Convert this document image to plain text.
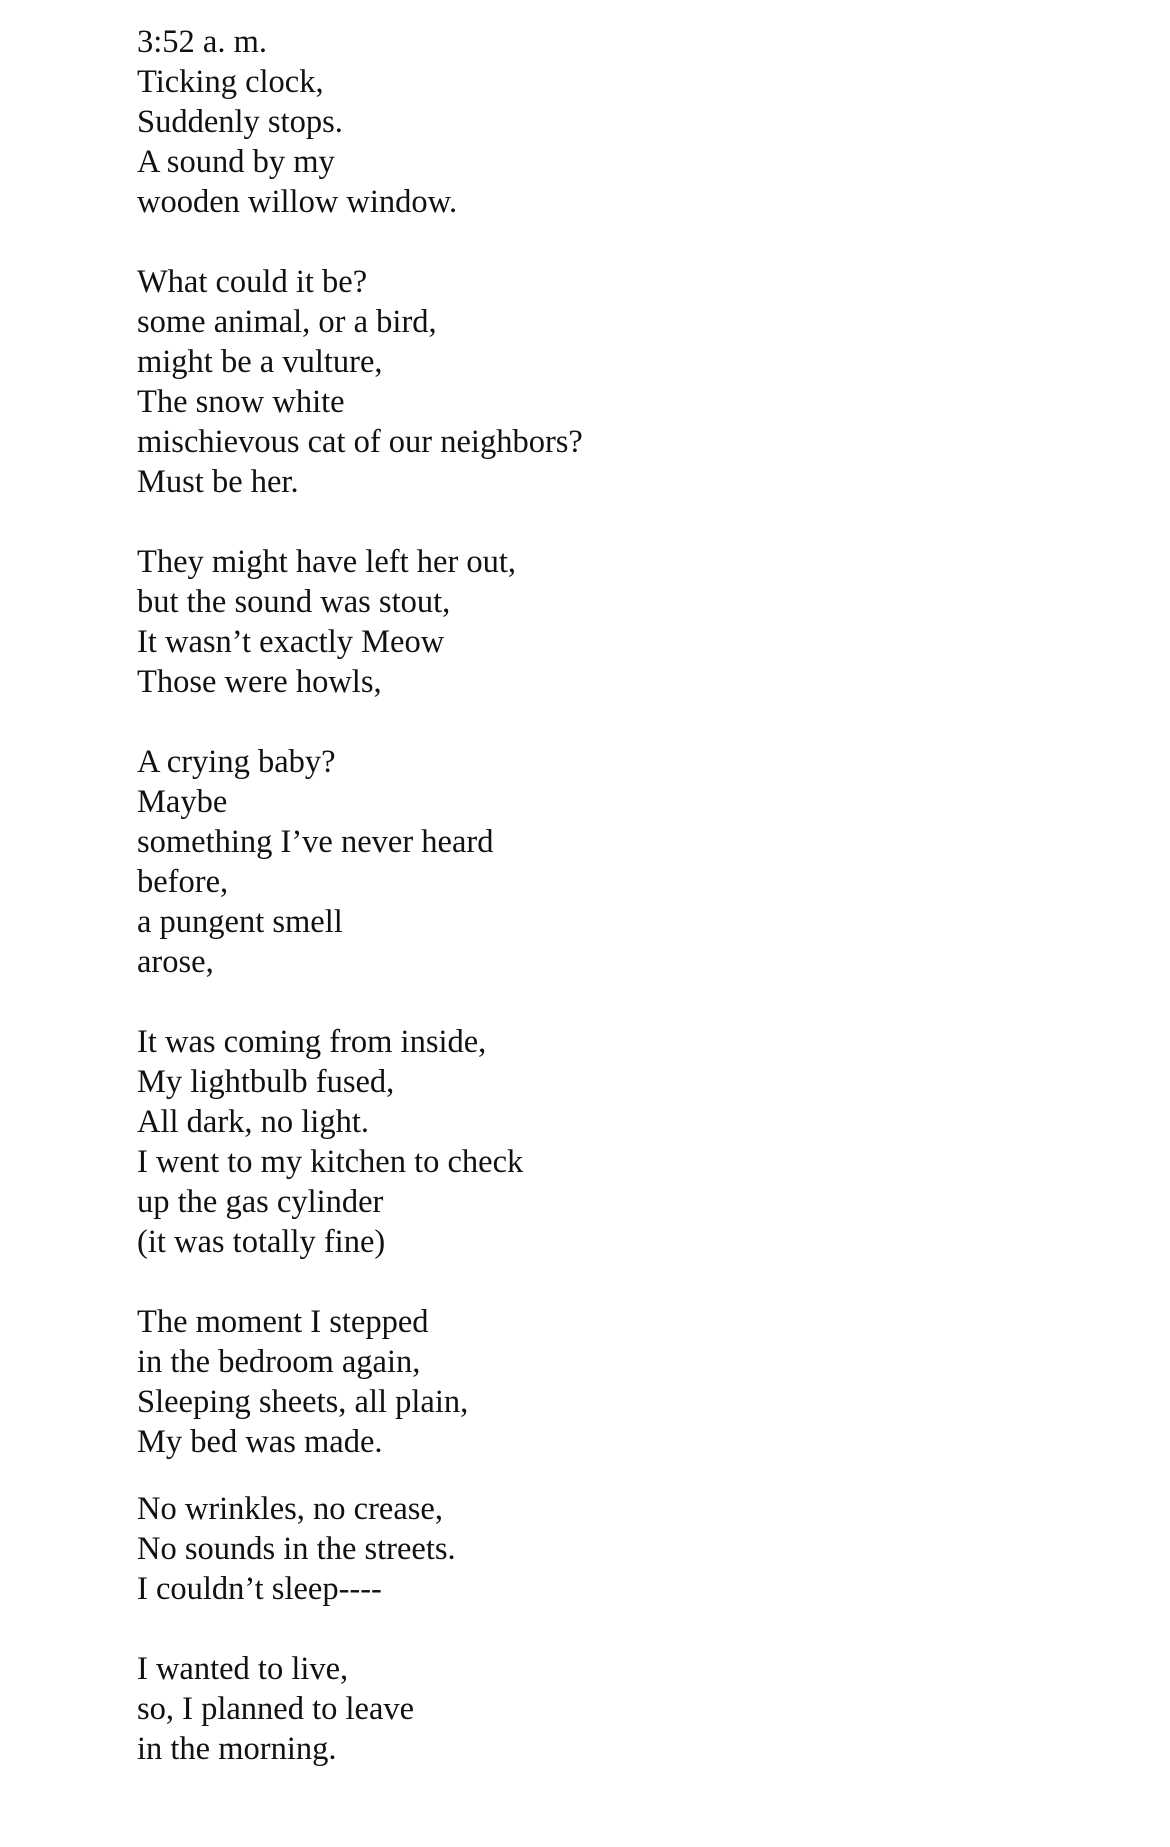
3:52 a. m.
Ticking clock,
Suddenly stops.
A sound by my
wooden willow window.
What could it be?
some animal, or a bird,
might be a vulture,
The snow white
mischievous cat of our neighbors?
Must be her.
They might have left her out,
but the sound was stout,
It wasn’t exactly Meow
Those were howls,
A crying baby?
Maybe
something I’ve never heard
before,
a pungent smell
arose,
It was coming from inside,
My lightbulb fused,
All dark, no light.
I went to my kitchen to check
up the gas cylinder
(it was totally fine)
The moment I stepped
in the bedroom again,
Sleeping sheets, all plain,
My bed was made.
No wrinkles, no crease,
No sounds in the streets.
I couldn’t sleep----
I wanted to live,
so, I planned to leave
in the morning.
